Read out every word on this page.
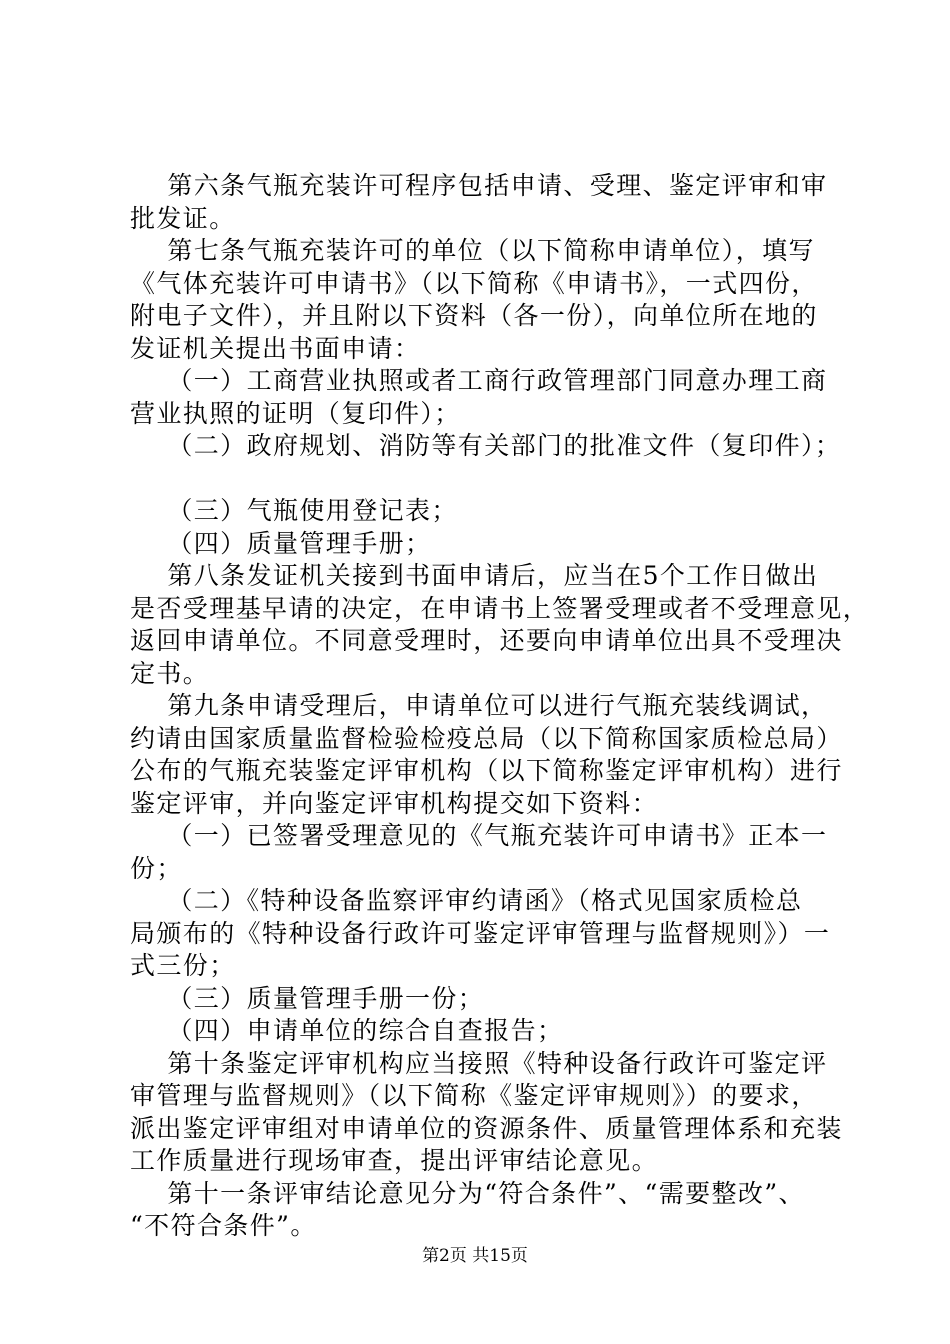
第六条气瓶充装许可程序包括申请、受理、鉴定评审和审
批发证。
第七条气瓶充装许可的单位（以下简称申请单位），填写
《气体充装许可申请书》（以下简称《申请书》，一式四份，
附电子文件），并且附以下资料（各一份），向单位所在地的
发证机关提出书面申请：
（一）工商营业执照或者工商行政管理部门同意办理工商
营业执照的证明（复印件）；
（二）政府规划、消防等有关部门的批准文件（复印件）；
（三）气瓶使用登记表；
（四）质量管理手册；
第八条发证机关接到书面申请后，应当在5个工作日做出
是否受理基早请的决定，在申请书上签署受理或者不受理意见，
返回申请单位。不同意受理时，还要向申请单位出具不受理决
定书。
第九条申请受理后，申请单位可以进行气瓶充装线调试，
约请由国家质量监督检验检疫总局（以下简称国家质检总局）
公布的气瓶充装鉴定评审机构（以下简称鉴定评审机构）进行
鉴定评审，并向鉴定评审机构提交如下资料：
（一）已签署受理意见的《气瓶充装许可申请书》正本一
份；
（二）《特种设备监察评审约请函》（格式见国家质检总
局颁布的《特种设备行政许可鉴定评审管理与监督规则》）一
式三份；
（三）质量管理手册一份；
（四）申请单位的综合自查报告；
第十条鉴定评审机构应当接照《特种设备行政许可鉴定评
审管理与监督规则》（以下简称《鉴定评审规则》）的要求，
派出鉴定评审组对申请单位的资源条件、质量管理体系和充装
工作质量进行现场审查，提出评审结论意见。
第十一条评审结论意见分为“符合条件”、“需要整改”、
“不符合条件”。
第2页 共15页
